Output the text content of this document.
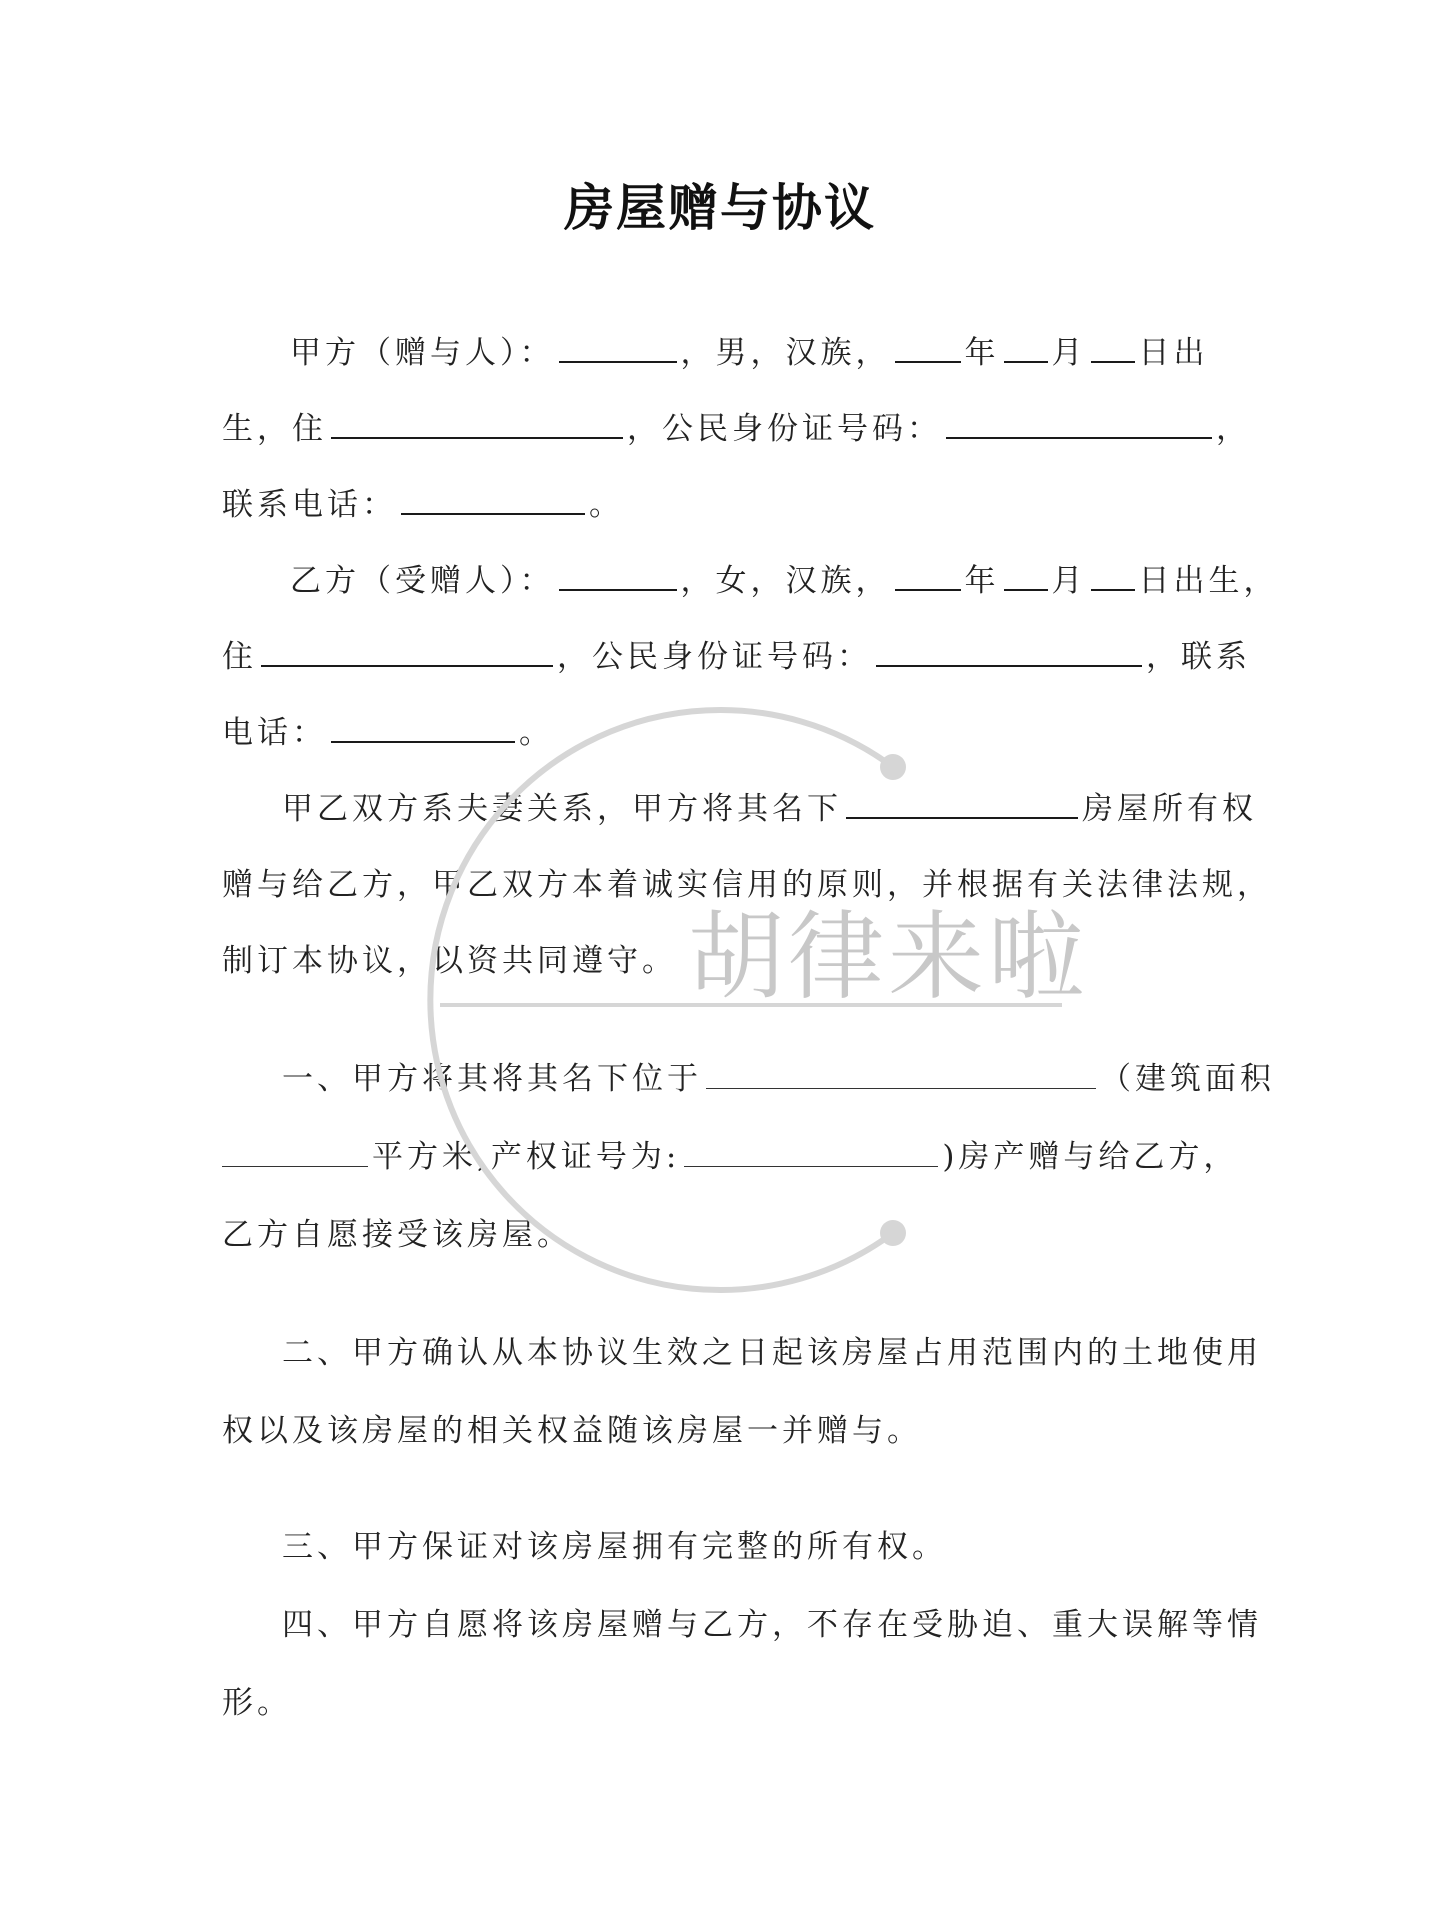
房屋赠与协议
甲方（赠与人）：	，男，汉族， 年 月 日出
生，住	，公民身份证号码：	，
联系电话：	。
乙方（受赠人）：	，女，汉族， 年 月 日出生，
住	，公民身份证号码：	，联系
电话：	。
甲乙双方系夫妻关系，甲方将其名下	房屋所有权
赠与给乙方，甲乙双方本着诚实信用的原则，并根据有关法律法规，
制订本协议，以资共同遵守。
一、甲方将其将其名下位于	（建筑面积
平方米,产权证号为:	)房产赠与给乙方，
乙方自愿接受该房屋。
二、甲方确认从本协议生效之日起该房屋占用范围内的土地使用
权以及该房屋的相关权益随该房屋一并赠与。
三、甲方保证对该房屋拥有完整的所有权。
四、甲方自愿将该房屋赠与乙方，不存在受胁迫、重大误解等情
形。
胡律来啦
